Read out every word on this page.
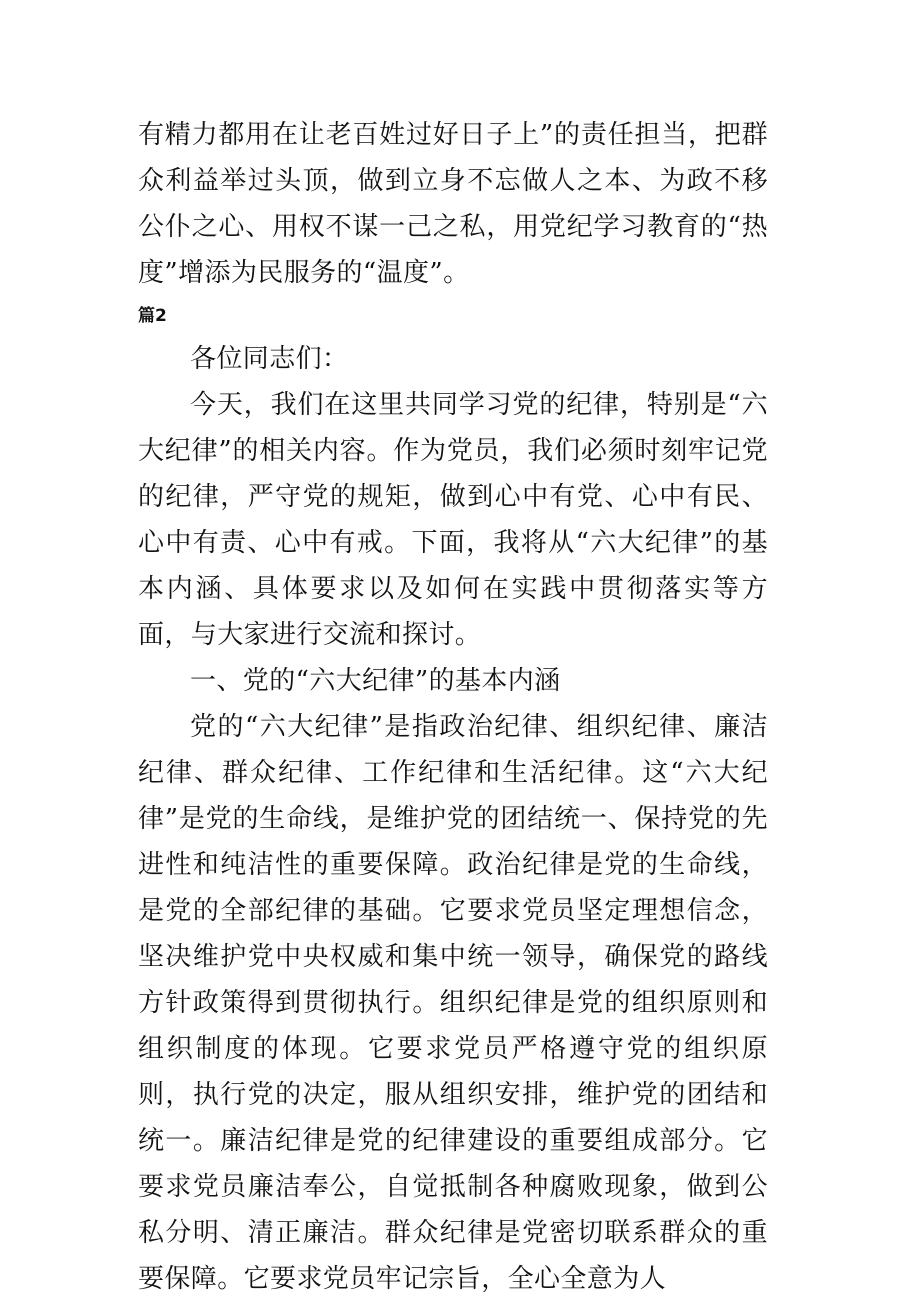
有精力都用在让老百姓过好日子上”的责任担当，把群众利益举过头顶，做到立身不忘做人之本、为政不移公仆之心、用权不谋一己之私，用党纪学习教育的“热度”增添为民服务的“温度”。

篇2

各位同志们：

今天，我们在这里共同学习党的纪律，特别是“六大纪律”的相关内容。作为党员，我们必须时刻牢记党的纪律，严守党的规矩，做到心中有党、心中有民、心中有责、心中有戒。下面，我将从“六大纪律”的基本内涵、具体要求以及如何在实践中贯彻落实等方面，与大家进行交流和探讨。

一、党的“六大纪律”的基本内涵

党的“六大纪律”是指政治纪律、组织纪律、廉洁纪律、群众纪律、工作纪律和生活纪律。这“六大纪律”是党的生命线，是维护党的团结统一、保持党的先进性和纯洁性的重要保障。政治纪律是党的生命线，是党的全部纪律的基础。它要求党员坚定理想信念，坚决维护党中央权威和集中统一领导，确保党的路线方针政策得到贯彻执行。组织纪律是党的组织原则和组织制度的体现。它要求党员严格遵守党的组织原则，执行党的决定，服从组织安排，维护党的团结和统一。廉洁纪律是党的纪律建设的重要组成部分。它要求党员廉洁奉公，自觉抵制各种腐败现象，做到公私分明、清正廉洁。群众纪律是党密切联系群众的重要保障。它要求党员牢记宗旨，全心全意为人
